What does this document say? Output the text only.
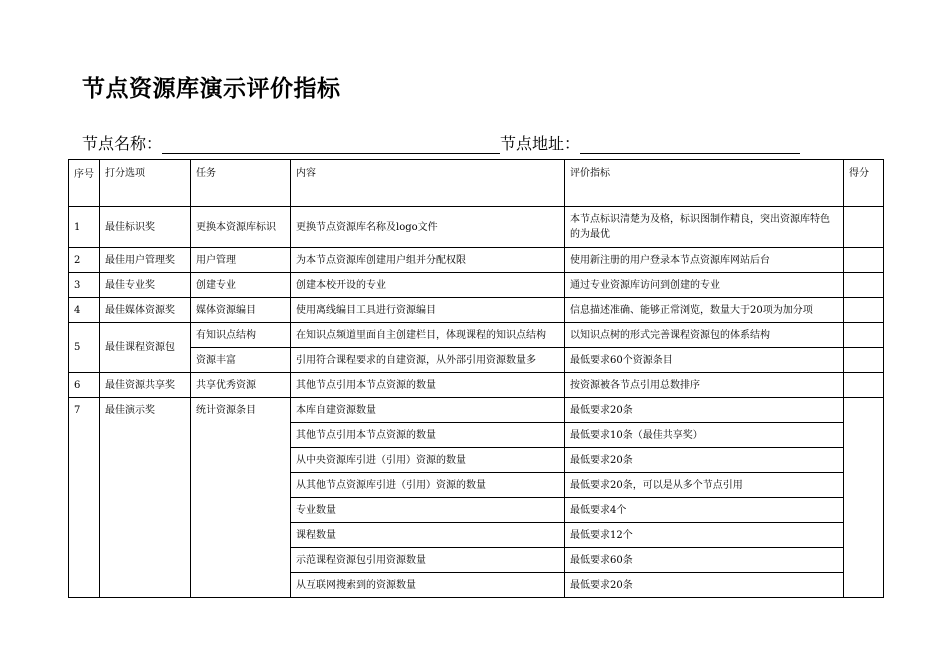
节点资源库演示评价指标
节点名称：	节点地址：
序号	打分选项	任务	内容	评价指标	得分
1	最佳标识奖	更换本资源库标识	更换节点资源库名称及logo文件	本节点标识清楚为及格，标识图制作精良，突出资源库特色的为最优	
2	最佳用户管理奖	用户管理	为本节点资源库创建用户组并分配权限	使用新注册的用户登录本节点资源库网站后台	
3	最佳专业奖	创建专业	创建本校开设的专业	通过专业资源库访问到创建的专业	
4	最佳媒体资源奖	媒体资源编目	使用离线编目工具进行资源编目	信息描述准确、能够正常浏览，数量大于20项为加分项	
5	最佳课程资源包	有知识点结构	在知识点频道里面自主创建栏目，体现课程的知识点结构	以知识点树的形式完善课程资源包的体系结构	
		资源丰富	引用符合课程要求的自建资源，从外部引用资源数量多	最低要求60个资源条目	
6	最佳资源共享奖	共享优秀资源	其他节点引用本节点资源的数量	按资源被各节点引用总数排序	
7	最佳演示奖	统计资源条目	本库自建资源数量	最低要求20条	
			其他节点引用本节点资源的数量	最低要求10条（最佳共享奖）	
			从中央资源库引进（引用）资源的数量	最低要求20条	
			从其他节点资源库引进（引用）资源的数量	最低要求20条，可以是从多个节点引用	
			专业数量	最低要求4个	
			课程数量	最低要求12个	
			示范课程资源包引用资源数量	最低要求60条	
			从互联网搜索到的资源数量	最低要求20条	
